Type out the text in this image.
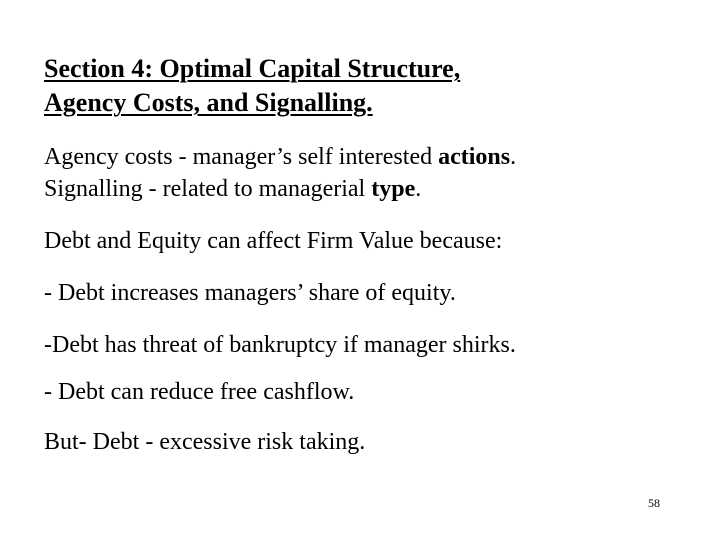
Section 4: Optimal Capital Structure,
Agency Costs, and Signalling.

Agency costs - manager’s self interested actions.

Signalling - related to managerial type.

Debt and Equity can affect Firm Value because:

- Debt increases managers’ share of equity.

-Debt has threat of bankruptcy if manager shirks.

- Debt can reduce free cashflow.

But- Debt - excessive risk taking.

58
